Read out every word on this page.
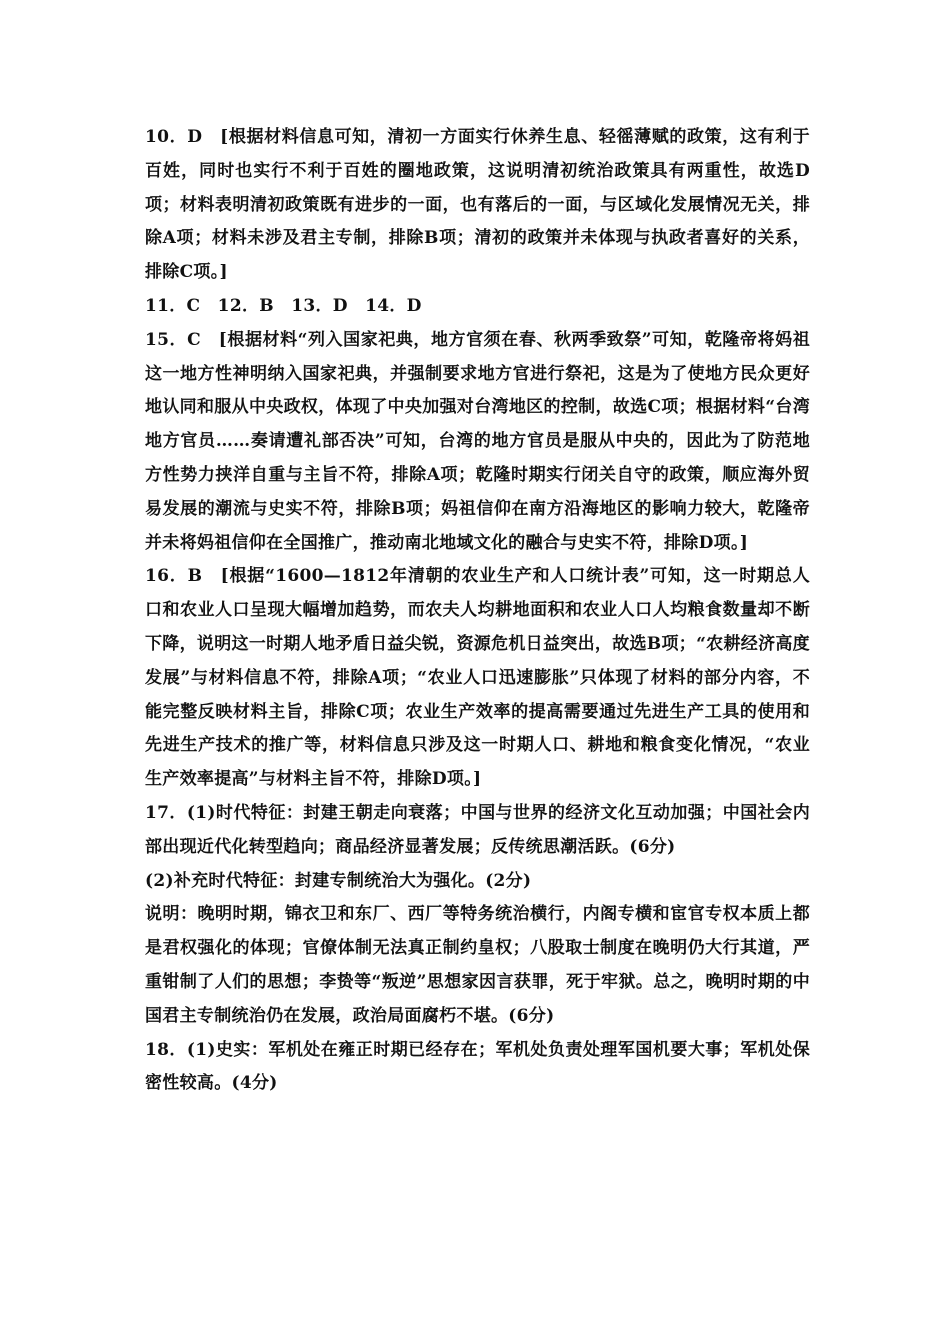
10．D　[根据材料信息可知，清初一方面实行休养生息、轻徭薄赋的政策，这有利于百姓，同时也实行不利于百姓的圈地政策，这说明清初统治政策具有两重性，故选D项；材料表明清初政策既有进步的一面，也有落后的一面，与区域化发展情况无关，排除A项；材料未涉及君主专制，排除B项；清初的政策并未体现与执政者喜好的关系，排除C项。]

11．C　12．B　13．D　14．D

15．C　[根据材料“列入国家祀典，地方官须在春、秋两季致祭”可知，乾隆帝将妈祖这一地方性神明纳入国家祀典，并强制要求地方官进行祭祀，这是为了使地方民众更好地认同和服从中央政权，体现了中央加强对台湾地区的控制，故选C项；根据材料“台湾地方官员……奏请遭礼部否决”可知，台湾的地方官员是服从中央的，因此为了防范地方性势力挟洋自重与主旨不符，排除A项；乾隆时期实行闭关自守的政策，顺应海外贸易发展的潮流与史实不符，排除B项；妈祖信仰在南方沿海地区的影响力较大，乾隆帝并未将妈祖信仰在全国推广，推动南北地域文化的融合与史实不符，排除D项。]

16．B　[根据“1600—1812年清朝的农业生产和人口统计表”可知，这一时期总人口和农业人口呈现大幅增加趋势，而农夫人均耕地面积和农业人口人均粮食数量却不断下降，说明这一时期人地矛盾日益尖锐，资源危机日益突出，故选B项；“农耕经济高度发展”与材料信息不符，排除A项；“农业人口迅速膨胀”只体现了材料的部分内容，不能完整反映材料主旨，排除C项；农业生产效率的提高需要通过先进生产工具的使用和先进生产技术的推广等，材料信息只涉及这一时期人口、耕地和粮食变化情况，“农业生产效率提高”与材料主旨不符，排除D项。]

17．(1)时代特征：封建王朝走向衰落；中国与世界的经济文化互动加强；中国社会内部出现近代化转型趋向；商品经济显著发展；反传统思潮活跃。(6分)

(2)补充时代特征：封建专制统治大为强化。(2分)

说明：晚明时期，锦衣卫和东厂、西厂等特务统治横行，内阁专横和宦官专权本质上都是君权强化的体现；官僚体制无法真正制约皇权；八股取士制度在晚明仍大行其道，严重钳制了人们的思想；李贽等“叛逆”思想家因言获罪，死于牢狱。总之，晚明时期的中国君主专制统治仍在发展，政治局面腐朽不堪。(6分)

18．(1)史实：军机处在雍正时期已经存在；军机处负责处理军国机要大事；军机处保密性较高。(4分)
